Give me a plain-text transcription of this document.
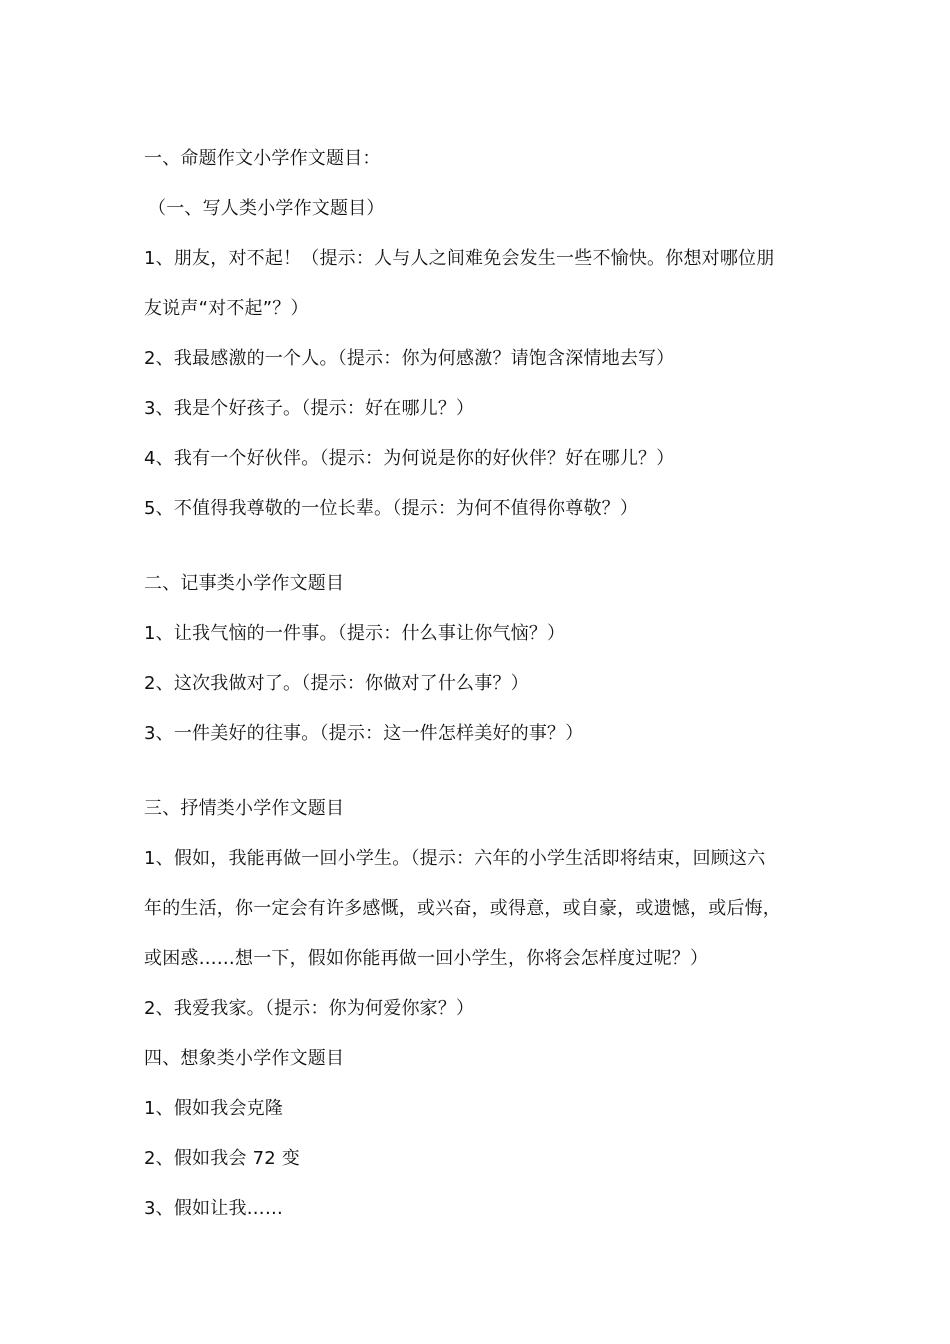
一、命题作文小学作文题目：
（一、写人类小学作文题目）
1、朋友，对不起！（提示：人与人之间难免会发生一些不愉快。你想对哪位朋
友说声“对不起”？）
2、我最感激的一个人。（提示：你为何感激？请饱含深情地去写）
3、我是个好孩子。（提示：好在哪儿？）
4、我有一个好伙伴。（提示：为何说是你的好伙伴？好在哪儿？）
5、不值得我尊敬的一位长辈。（提示：为何不值得你尊敬？）
二、记事类小学作文题目
1、让我气恼的一件事。（提示：什么事让你气恼？）
2、这次我做对了。（提示：你做对了什么事？）
3、一件美好的往事。（提示：这一件怎样美好的事？）
三、抒情类小学作文题目
1、假如，我能再做一回小学生。（提示：六年的小学生活即将结束，回顾这六
年的生活，你一定会有许多感慨，或兴奋，或得意，或自豪，或遗憾，或后悔，
或困惑……想一下，假如你能再做一回小学生，你将会怎样度过呢？）
2、我爱我家。（提示：你为何爱你家？）
四、想象类小学作文题目
1、假如我会克隆
2、假如我会 72 变
3、假如让我……
